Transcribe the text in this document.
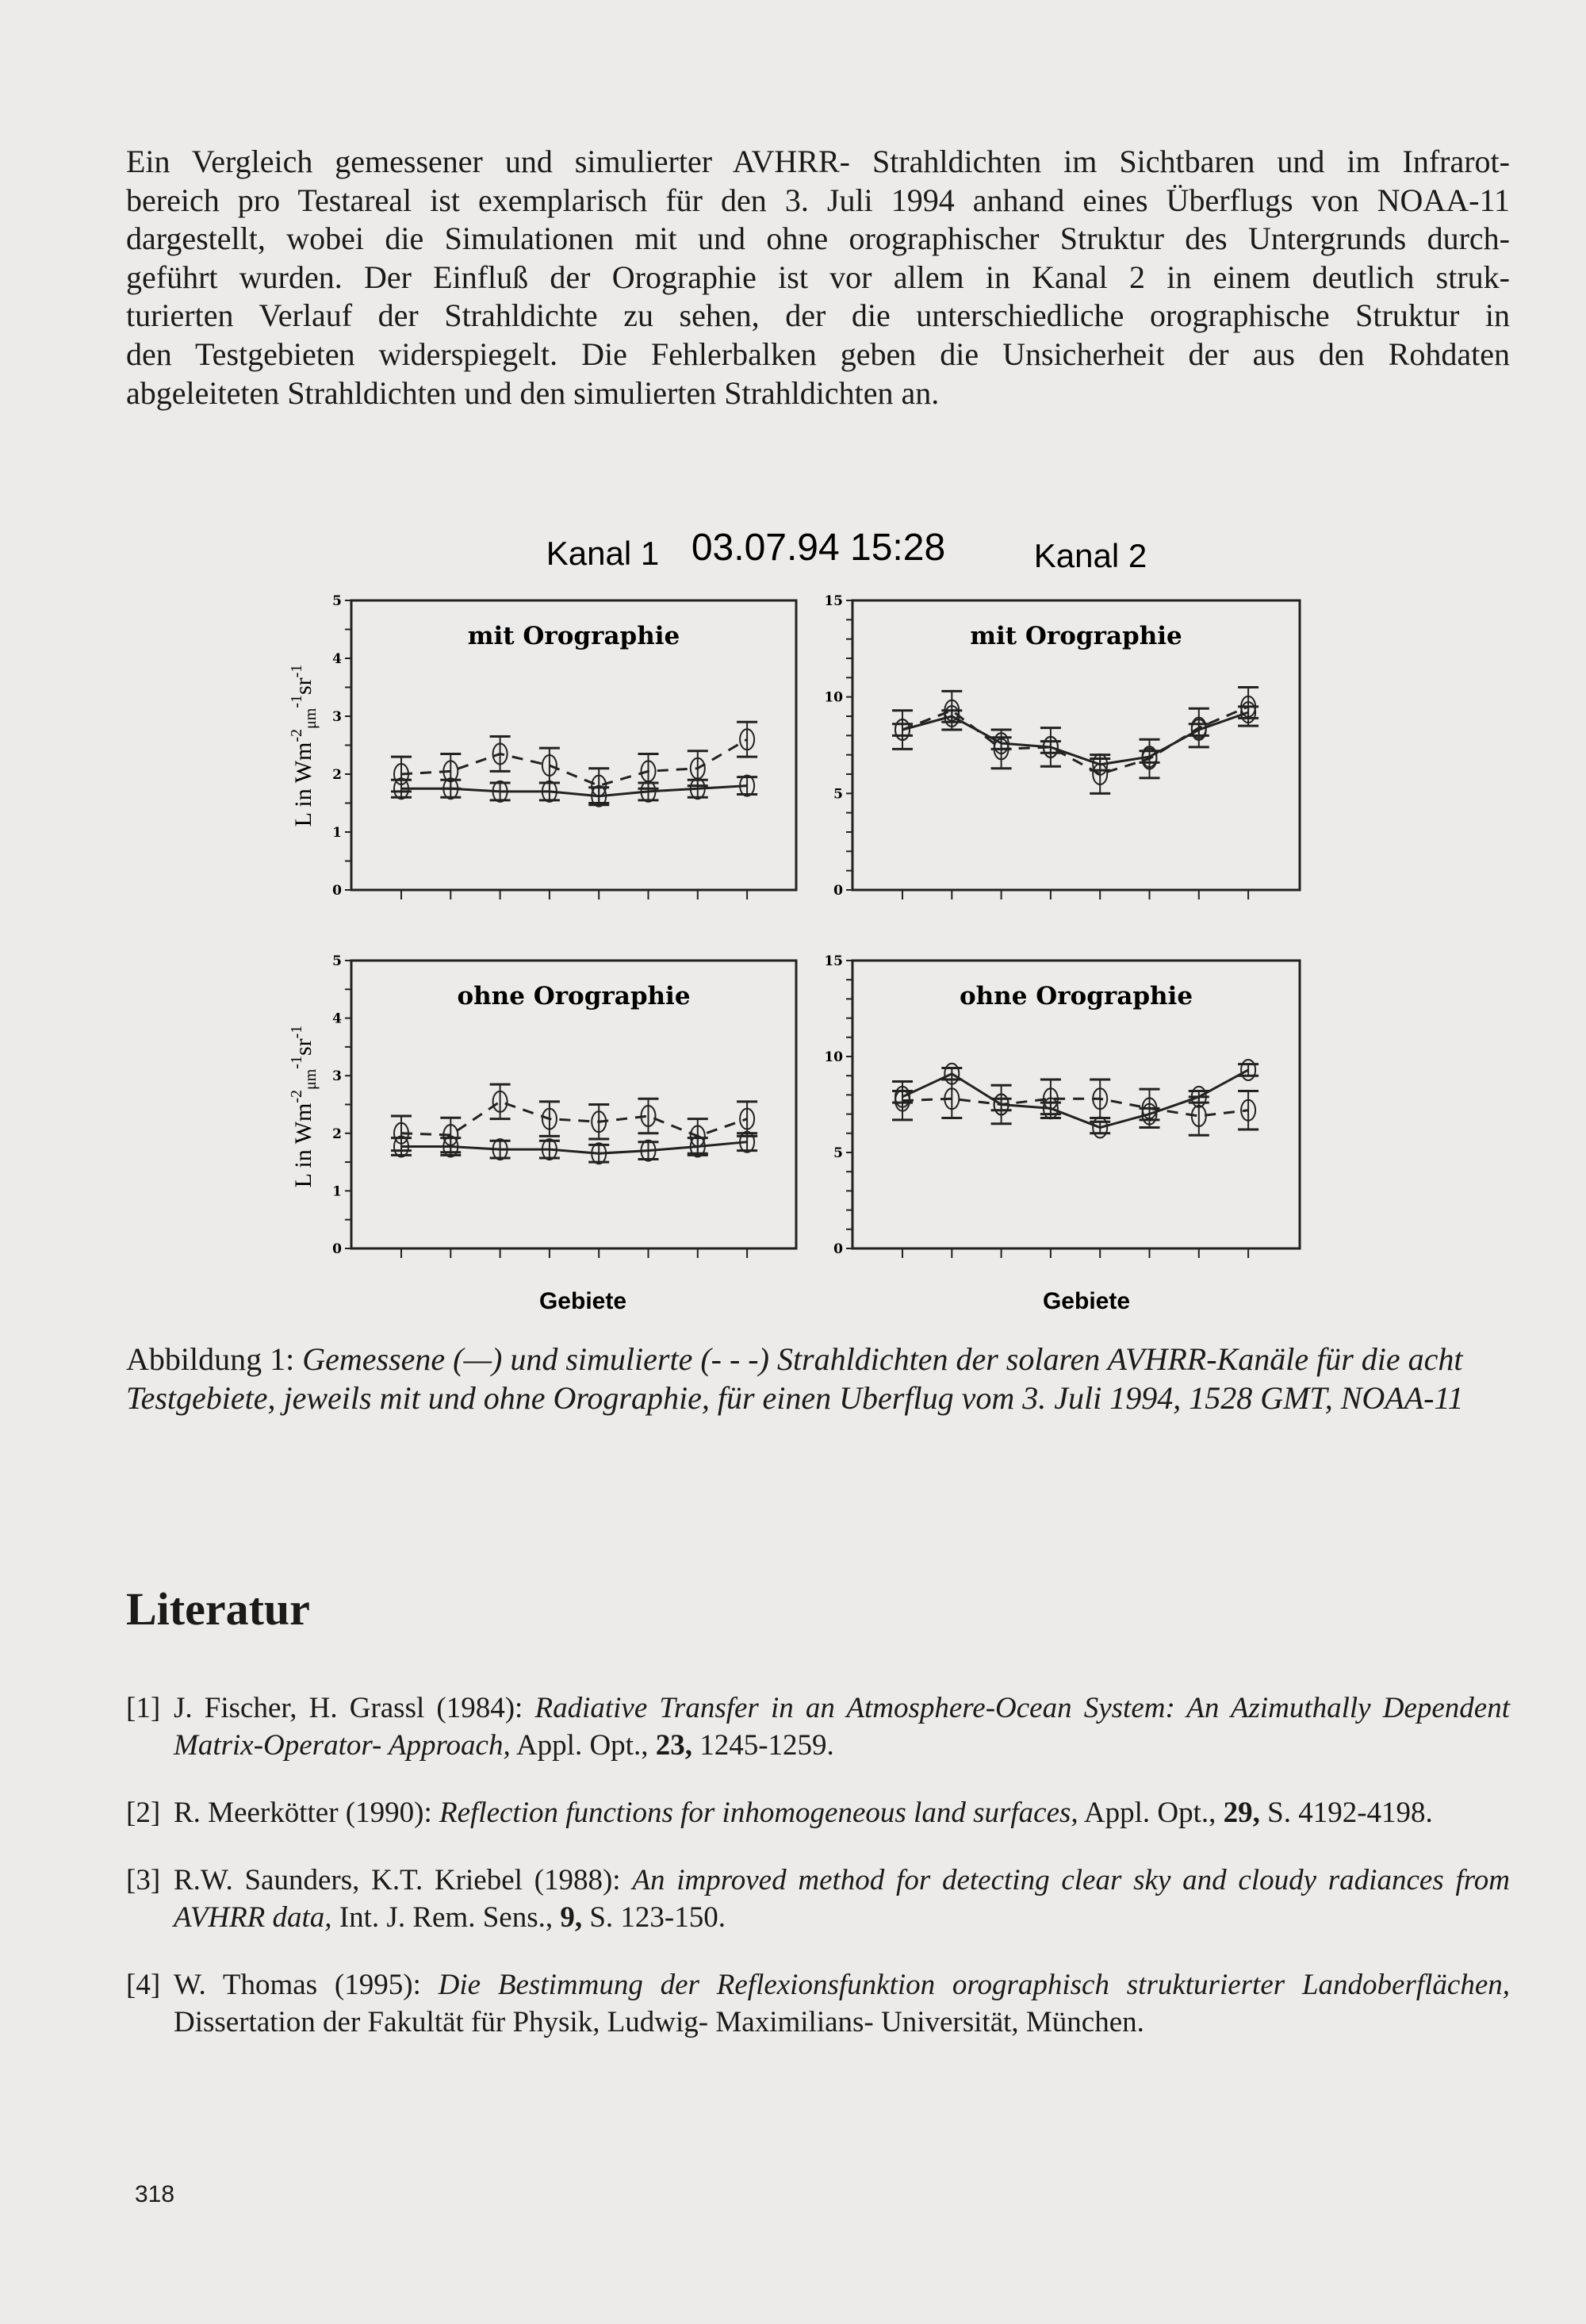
Ein Vergleich gemessener und simulierter AVHRR- Strahldichten im Sichtbaren und im Infrarot-
bereich pro Testareal ist exemplarisch für den 3. Juli 1994 anhand eines Überflugs von NOAA-11
dargestellt, wobei die Simulationen mit und ohne orographischer Struktur des Untergrunds durch-
geführt wurden. Der Einfluß der Orographie ist vor allem in Kanal 2 in einem deutlich struk-
turierten Verlauf der Strahldichte zu sehen, der die unterschiedliche orographische Struktur in
den Testgebieten widerspiegelt. Die Fehlerbalken geben die Unsicherheit der aus den Rohdaten
abgeleiteten Strahldichten und den simulierten Strahldichten an.
Kanal 1 03.07.94 15:28	Kanal 2
0
1
2
3
4
5
mit Orographie
0
5
10
15
mit Orographie
0
1
2
3
4
5
ohne Orographie
0
5
10
15
ohne Orographie
Gebiete	Gebiete
L in $Wm^{-2}_{\mu m}^{-1}sr^{-1}$
L in $Wm^{-2}_{\mu m}^{-1}sr^{-1}$
Abbildung 1: Gemessene (—) und simulierte (- - -) Strahldichten der solaren AVHRR-Kanäle für die acht Testgebiete, jeweils mit und ohne Orographie, für einen Uberflug vom 3. Juli 1994, 1528 GMT, NOAA-11
Literatur
[1] J. Fischer, H. Grassl (1984): Radiative Transfer in an Atmosphere-Ocean System: An Azimuthally Dependent Matrix-Operator- Approach, Appl. Opt., 23, 1245-1259.
[2] R. Meerkötter (1990): Reflection functions for inhomogeneous land surfaces, Appl. Opt., 29, S. 4192-4198.
[3] R.W. Saunders, K.T. Kriebel (1988): An improved method for detecting clear sky and cloudy radiances from AVHRR data, Int. J. Rem. Sens., 9, S. 123-150.
[4] W. Thomas (1995): Die Bestimmung der Reflexionsfunktion orographisch strukturierter Landoberflächen, Dissertation der Fakultät für Physik, Ludwig- Maximilians- Universität, München.
318
